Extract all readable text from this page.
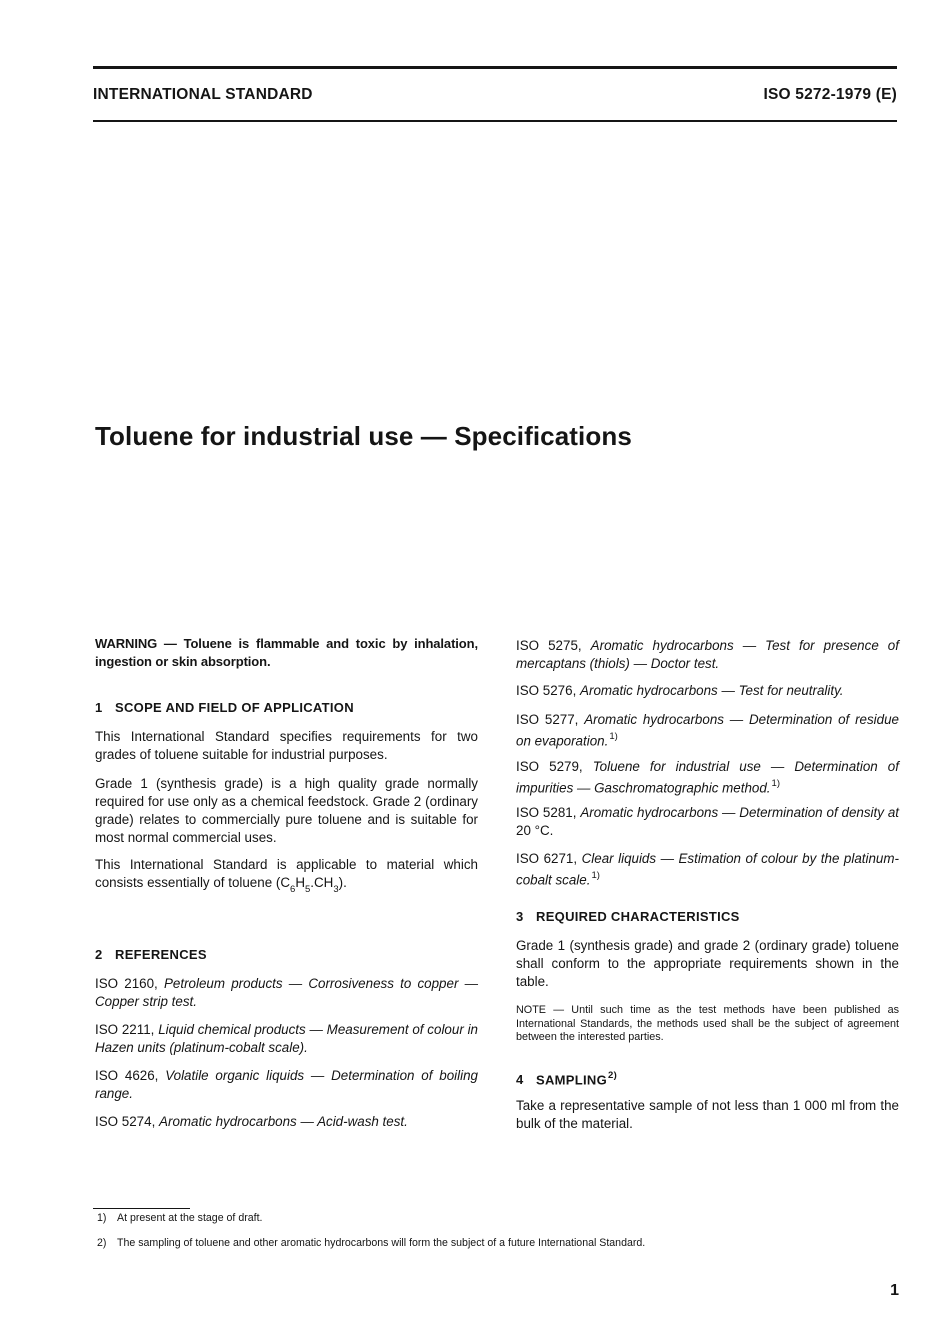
INTERNATIONAL STANDARD	ISO 5272-1979 (E)
Toluene for industrial use — Specifications

WARNING — Toluene is flammable and toxic by inhalation, ingestion or skin absorption.

1 SCOPE AND FIELD OF APPLICATION

This International Standard specifies requirements for two grades of toluene suitable for industrial purposes.

Grade 1 (synthesis grade) is a high quality grade normally required for use only as a chemical feedstock. Grade 2 (ordinary grade) relates to commercially pure toluene and is suitable for most normal commercial uses.

This International Standard is applicable to material which consists essentially of toluene $(C_6H_5.CH_3)$.

2 REFERENCES

ISO 2160, Petroleum products — Corrosiveness to copper — Copper strip test.

ISO 2211, Liquid chemical products — Measurement of colour in Hazen units (platinum-cobalt scale).

ISO 4626, Volatile organic liquids — Determination of boiling range.

ISO 5274, Aromatic hydrocarbons — Acid-wash test.

ISO 5275, Aromatic hydrocarbons — Test for presence of mercaptans (thiols) — Doctor test.

ISO 5276, Aromatic hydrocarbons — Test for neutrality.

ISO 5277, Aromatic hydrocarbons — Determination of residue on evaporation.$^{1)}$

ISO 5279, Toluene for industrial use — Determination of impurities — Gaschromatographic method.$^{1)}$

ISO 5281, Aromatic hydrocarbons — Determination of density at 20 °C.

ISO 6271, Clear liquids — Estimation of colour by the platinum-cobalt scale.$^{1)}$

3 REQUIRED CHARACTERISTICS

Grade 1 (synthesis grade) and grade 2 (ordinary grade) toluene shall conform to the appropriate requirements shown in the table.

NOTE — Until such time as the test methods have been published as International Standards, the methods used shall be the subject of agreement between the interested parties.

4 SAMPLING$^{2)}$

Take a representative sample of not less than 1 000 ml from the bulk of the material.

1) At present at the stage of draft.
2) The sampling of toluene and other aromatic hydrocarbons will form the subject of a future International Standard.
1
